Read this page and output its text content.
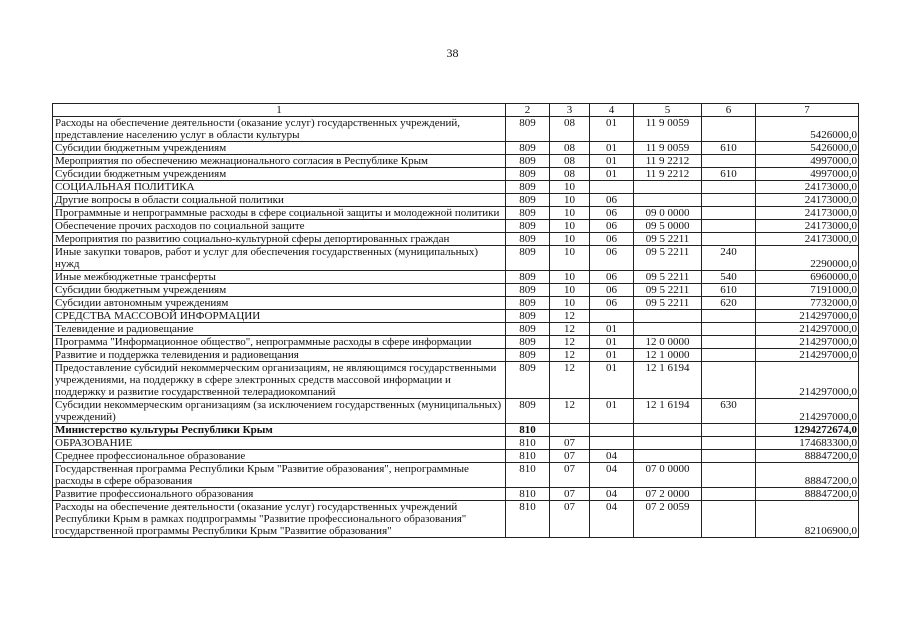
38
1	2	3	4	5	6	7
Расходы на обеспечение деятельности (оказание услуг) государственных учреждений, представление населению услуг в области культуры	809	08	01	11 9 0059		5426000,0
Субсидии бюджетным учреждениям	809	08	01	11 9 0059	610	5426000,0
Мероприятия по обеспечению межнационального согласия в Республике Крым	809	08	01	11 9 2212		4997000,0
Субсидии бюджетным учреждениям	809	08	01	11 9 2212	610	4997000,0
СОЦИАЛЬНАЯ ПОЛИТИКА	809	10				24173000,0
Другие вопросы в области социальной политики	809	10	06			24173000,0
Программные и непрограммные расходы в сфере социальной защиты и молодежной политики	809	10	06	09 0 0000		24173000,0
Обеспечение прочих расходов по социальной защите	809	10	06	09 5 0000		24173000,0
Мероприятия по развитию социально-культурной сферы депортированных граждан	809	10	06	09 5 2211		24173000,0
Иные закупки товаров, работ и услуг для обеспечения государственных (муниципальных) нужд	809	10	06	09 5 2211	240	2290000,0
Иные межбюджетные трансферты	809	10	06	09 5 2211	540	6960000,0
Субсидии бюджетным учреждениям	809	10	06	09 5 2211	610	7191000,0
Субсидии автономным учреждениям	809	10	06	09 5 2211	620	7732000,0
СРЕДСТВА МАССОВОЙ ИНФОРМАЦИИ	809	12				214297000,0
Телевидение и радиовещание	809	12	01			214297000,0
Программа "Информационное общество", непрограммные расходы в сфере информации	809	12	01	12 0 0000		214297000,0
Развитие и поддержка телевидения и радиовещания	809	12	01	12 1 0000		214297000,0
Предоставление субсидий некоммерческим организациям, не являющимся государственными учреждениями, на поддержку в сфере электронных средств массовой информации и поддержку и развитие государственной телерадиокомпаний	809	12	01	12 1 6194		214297000,0
Субсидии некоммерческим организациям (за исключением государственных (муниципальных) учреждений)	809	12	01	12 1 6194	630	214297000,0
Министерство культуры Республики Крым	810					1294272674,0
ОБРАЗОВАНИЕ	810	07				174683300,0
Среднее профессиональное образование	810	07	04			88847200,0
Государственная программа Республики Крым "Развитие образования", непрограммные расходы в сфере образования	810	07	04	07 0 0000		88847200,0
Развитие профессионального образования	810	07	04	07 2 0000		88847200,0
Расходы на обеспечение деятельности (оказание услуг) государственных учреждений Республики Крым в рамках подпрограммы "Развитие профессионального образования" государственной программы Республики Крым "Развитие образования"	810	07	04	07 2 0059		82106900,0
